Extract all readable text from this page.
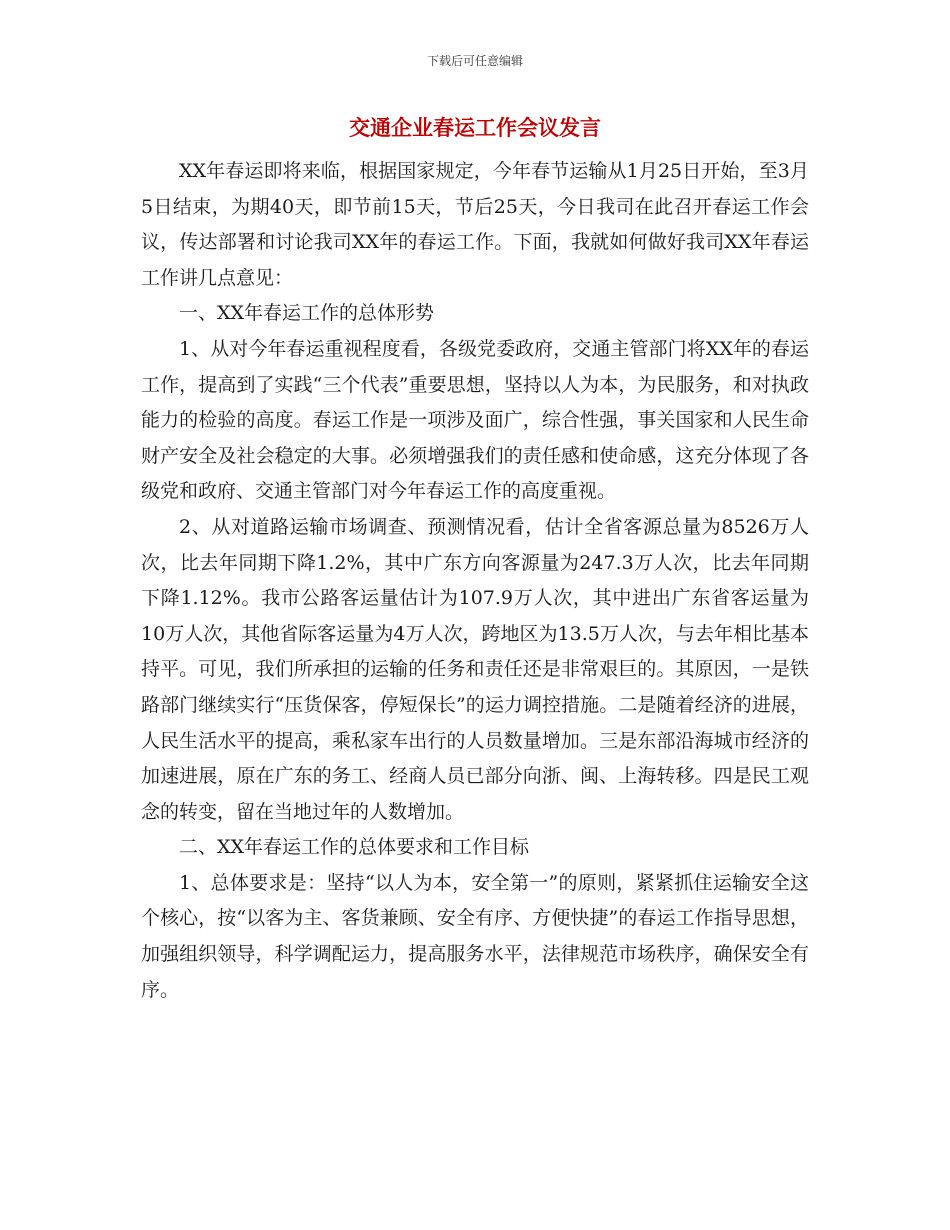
下载后可任意编辑
交通企业春运工作会议发言

XX年春运即将来临，根据国家规定，今年春节运输从1月25日开始，至3月5日结束，为期40天，即节前15天，节后25天，今日我司在此召开春运工作会议，传达部署和讨论我司XX年的春运工作。下面，我就如何做好我司XX年春运工作讲几点意见：

一、XX年春运工作的总体形势

1、从对今年春运重视程度看，各级党委政府，交通主管部门将XX年的春运工作，提高到了实践“三个代表”重要思想，坚持以人为本，为民服务，和对执政能力的检验的高度。春运工作是一项涉及面广，综合性强，事关国家和人民生命财产安全及社会稳定的大事。必须增强我们的责任感和使命感，这充分体现了各级党和政府、交通主管部门对今年春运工作的高度重视。

2、从对道路运输市场调查、预测情况看，估计全省客源总量为8526万人次，比去年同期下降1.2%，其中广东方向客源量为247.3万人次，比去年同期下降1.12%。我市公路客运量估计为107.9万人次，其中进出广东省客运量为10万人次，其他省际客运量为4万人次，跨地区为13.5万人次，与去年相比基本持平。可见，我们所承担的运输的任务和责任还是非常艰巨的。其原因，一是铁路部门继续实行“压货保客，停短保长”的运力调控措施。二是随着经济的进展，人民生活水平的提高，乘私家车出行的人员数量增加。三是东部沿海城市经济的加速进展，原在广东的务工、经商人员已部分向浙、闽、上海转移。四是民工观念的转变，留在当地过年的人数增加。

二、XX年春运工作的总体要求和工作目标

1、总体要求是：坚持“以人为本，安全第一”的原则，紧紧抓住运输安全这个核心，按“以客为主、客货兼顾、安全有序、方便快捷”的春运工作指导思想，加强组织领导，科学调配运力，提高服务水平，法律规范市场秩序，确保安全有序。
